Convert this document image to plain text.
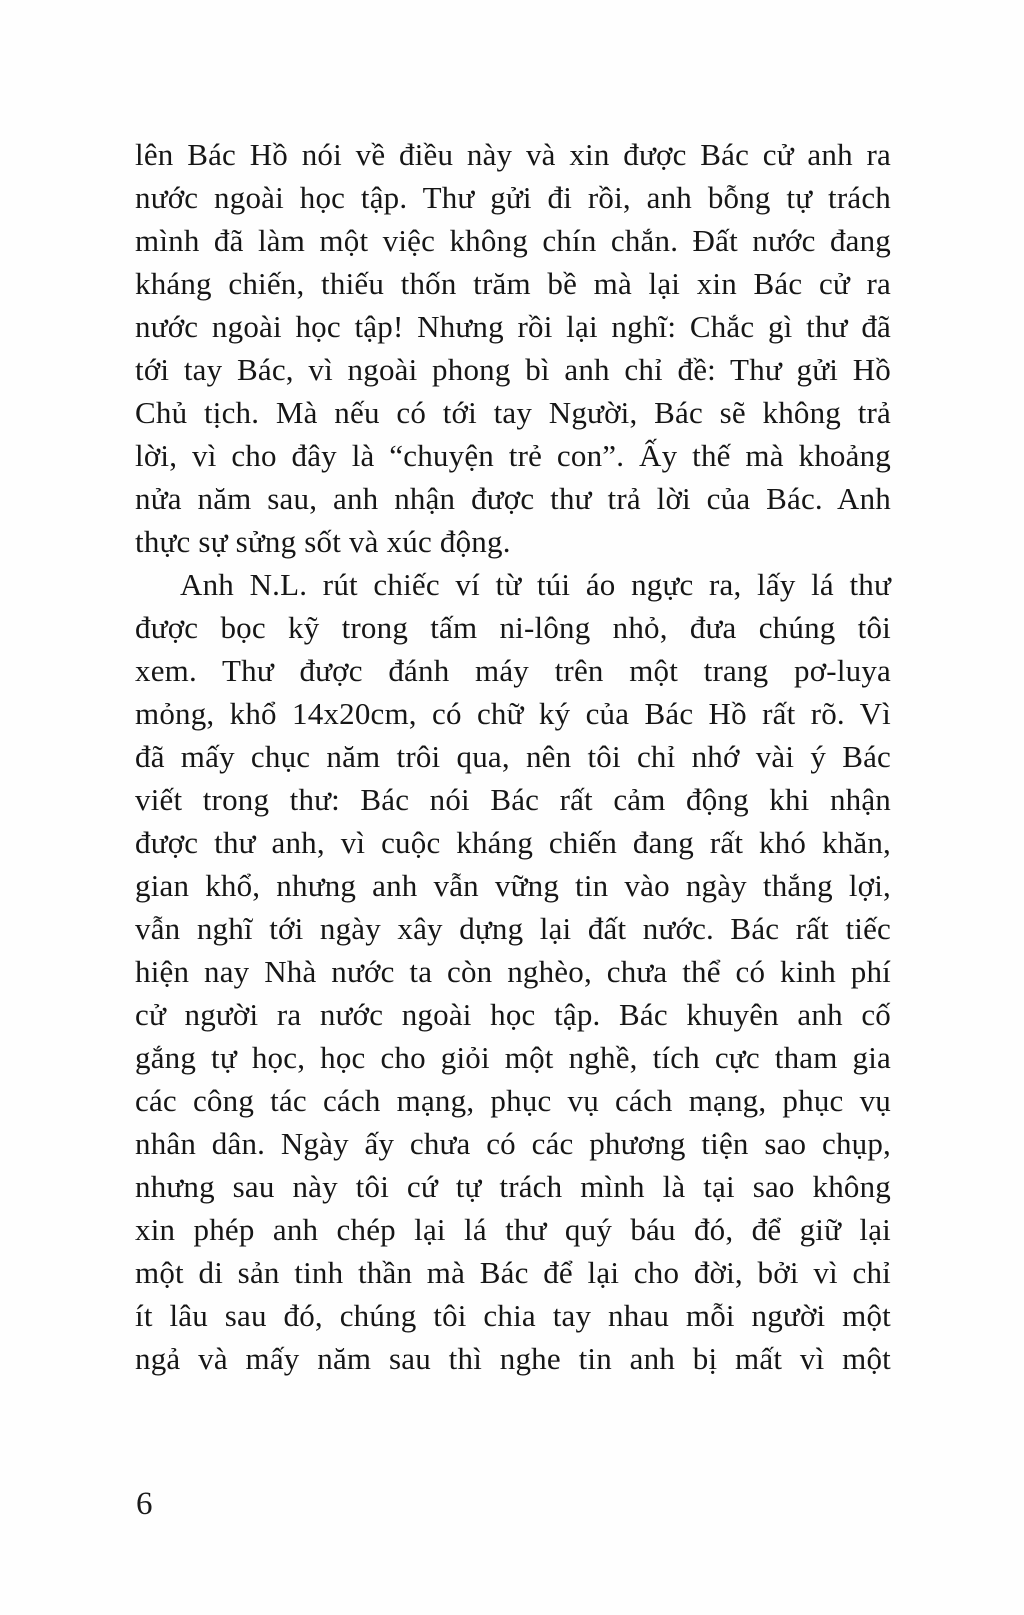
lên Bác Hồ nói về điều này và xin được Bác cử anh ra
nước ngoài học tập. Thư gửi đi rồi, anh bỗng tự trách
mình đã làm một việc không chín chắn. Đất nước đang
kháng chiến, thiếu thốn trăm bề mà lại xin Bác cử ra
nước ngoài học tập! Nhưng rồi lại nghĩ: Chắc gì thư đã
tới tay Bác, vì ngoài phong bì anh chỉ đề: Thư gửi Hồ
Chủ tịch. Mà nếu có tới tay Người, Bác sẽ không trả
lời, vì cho đây là “chuyện trẻ con”. Ấy thế mà khoảng
nửa năm sau, anh nhận được thư trả lời của Bác. Anh
thực sự sửng sốt và xúc động.
Anh N.L. rút chiếc ví từ túi áo ngực ra, lấy lá thư
được bọc kỹ trong tấm ni-lông nhỏ, đưa chúng tôi
xem. Thư được đánh máy trên một trang pơ-luya
mỏng, khổ 14x20cm, có chữ ký của Bác Hồ rất rõ. Vì
đã mấy chục năm trôi qua, nên tôi chỉ nhớ vài ý Bác
viết trong thư: Bác nói Bác rất cảm động khi nhận
được thư anh, vì cuộc kháng chiến đang rất khó khăn,
gian khổ, nhưng anh vẫn vững tin vào ngày thắng lợi,
vẫn nghĩ tới ngày xây dựng lại đất nước. Bác rất tiếc
hiện nay Nhà nước ta còn nghèo, chưa thể có kinh phí
cử người ra nước ngoài học tập. Bác khuyên anh cố
gắng tự học, học cho giỏi một nghề, tích cực tham gia
các công tác cách mạng, phục vụ cách mạng, phục vụ
nhân dân. Ngày ấy chưa có các phương tiện sao chụp,
nhưng sau này tôi cứ tự trách mình là tại sao không
xin phép anh chép lại lá thư quý báu đó, để giữ lại
một di sản tinh thần mà Bác để lại cho đời, bởi vì chỉ
ít lâu sau đó, chúng tôi chia tay nhau mỗi người một
ngả và mấy năm sau thì nghe tin anh bị mất vì một
6
